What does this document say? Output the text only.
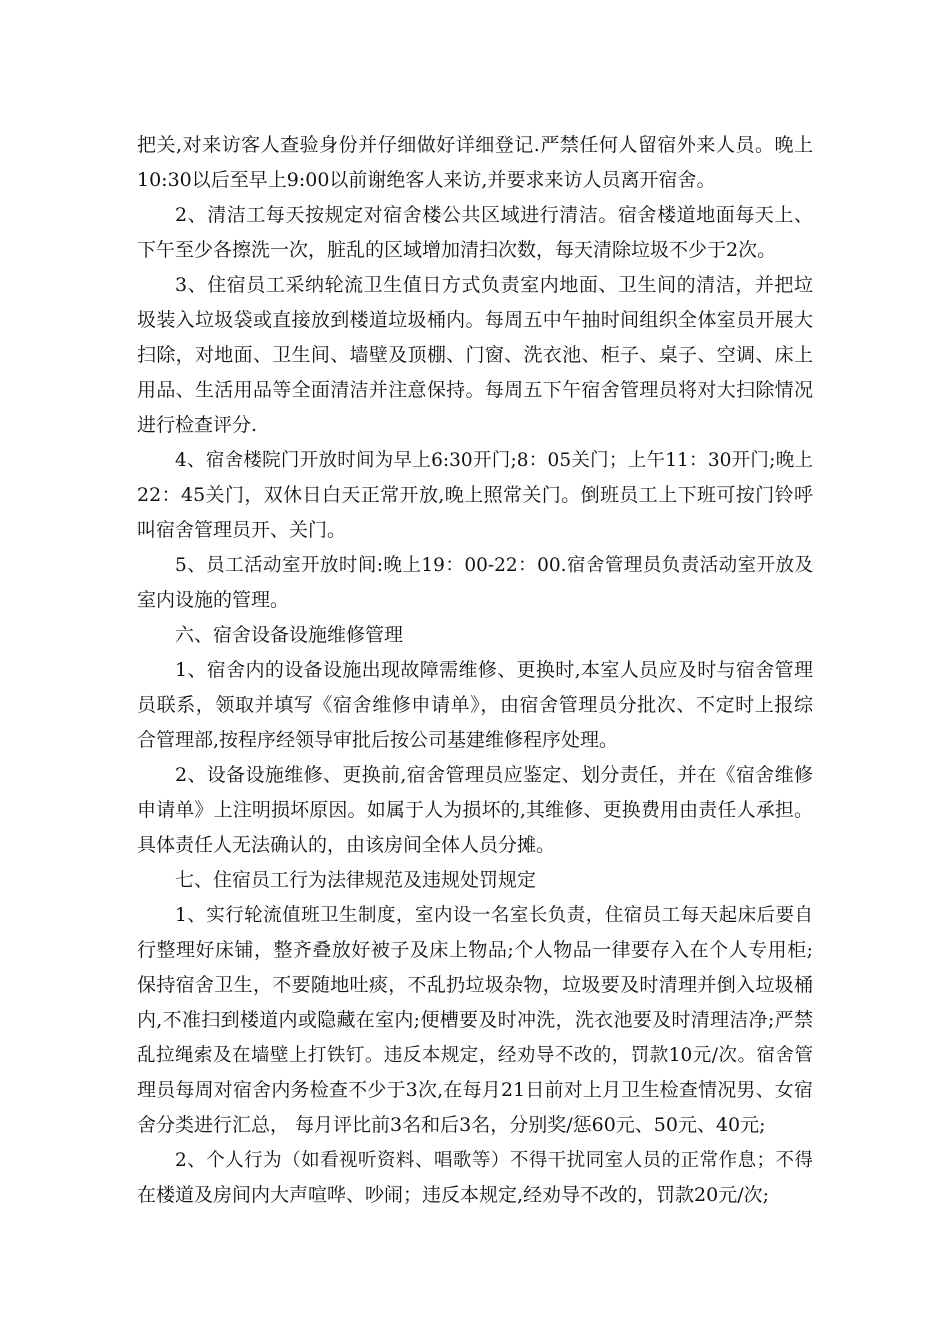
把关,对来访客人查验身份并仔细做好详细登记.严禁任何人留宿外来人员。晚上
10:30以后至早上9:00以前谢绝客人来访,并要求来访人员离开宿舍。
2、清洁工每天按规定对宿舍楼公共区域进行清洁。宿舍楼道地面每天上、
下午至少各擦洗一次，脏乱的区域增加清扫次数，每天清除垃圾不少于2次。
3、住宿员工采纳轮流卫生值日方式负责室内地面、卫生间的清洁，并把垃
圾装入垃圾袋或直接放到楼道垃圾桶内。每周五中午抽时间组织全体室员开展大
扫除，对地面、卫生间、墙壁及顶棚、门窗、洗衣池、柜子、桌子、空调、床上
用品、生活用品等全面清洁并注意保持。每周五下午宿舍管理员将对大扫除情况
进行检查评分.
4、宿舍楼院门开放时间为早上6:30开门;8：05关门；上午11：30开门;晚上
22：45关门，双休日白天正常开放,晚上照常关门。倒班员工上下班可按门铃呼
叫宿舍管理员开、关门。
5、员工活动室开放时间:晚上19：00-22：00.宿舍管理员负责活动室开放及
室内设施的管理。
六、宿舍设备设施维修管理
1、宿舍内的设备设施出现故障需维修、更换时,本室人员应及时与宿舍管理
员联系，领取并填写《宿舍维修申请单》，由宿舍管理员分批次、不定时上报综
合管理部,按程序经领导审批后按公司基建维修程序处理。
2、设备设施维修、更换前,宿舍管理员应鉴定、划分责任，并在《宿舍维修
申请单》上注明损坏原因。如属于人为损坏的,其维修、更换费用由责任人承担。
具体责任人无法确认的，由该房间全体人员分摊。
七、住宿员工行为法律规范及违规处罚规定
1、实行轮流值班卫生制度，室内设一名室长负责，住宿员工每天起床后要自
行整理好床铺，整齐叠放好被子及床上物品;个人物品一律要存入在个人专用柜;
保持宿舍卫生，不要随地吐痰，不乱扔垃圾杂物，垃圾要及时清理并倒入垃圾桶
内,不准扫到楼道内或隐藏在室内;便槽要及时冲洗，洗衣池要及时清理洁净;严禁
乱拉绳索及在墙壁上打铁钉。违反本规定，经劝导不改的，罚款10元/次。宿舍管
理员每周对宿舍内务检查不少于3次,在每月21日前对上月卫生检查情况男、女宿
舍分类进行汇总， 每月评比前3名和后3名，分别奖/惩60元、50元、40元;
2、个人行为（如看视听资料、唱歌等）不得干扰同室人员的正常作息；不得
在楼道及房间内大声喧哗、吵闹；违反本规定,经劝导不改的，罚款20元/次;
